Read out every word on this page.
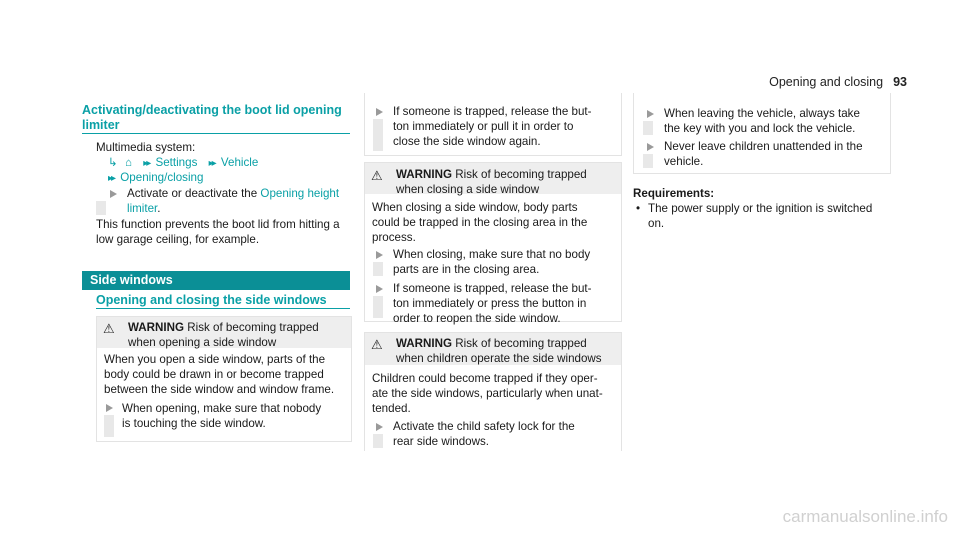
Opening and closing 93
Activating/deactivating the boot lid opening
limiter
Multimedia system:
↳ ⌂ ▸▸ Settings ▸▸ Vehicle
▸▸ Opening/closing
Activate or deactivate the Opening height
limiter.
This function prevents the boot lid from hitting a
low garage ceiling, for example.
Side windows
Opening and closing the side windows
⚠ WARNING Risk of becoming trapped
when opening a side window
When you open a side window, parts of the
body could be drawn in or become trapped
between the side window and window frame.
When opening, make sure that nobody
is touching the side window.
If someone is trapped, release the but-
ton immediately or pull it in order to
close the side window again.
⚠ WARNING Risk of becoming trapped
when closing a side window
When closing a side window, body parts
could be trapped in the closing area in the
process.
When closing, make sure that no body
parts are in the closing area.
If someone is trapped, release the but-
ton immediately or press the button in
order to reopen the side window.
⚠ WARNING Risk of becoming trapped
when children operate the side windows
Children could become trapped if they oper-
ate the side windows, particularly when unat-
tended.
Activate the child safety lock for the
rear side windows.
When leaving the vehicle, always take
the key with you and lock the vehicle.
Never leave children unattended in the
vehicle.
Requirements:
• The power supply or the ignition is switched
on.
carmanualsonline.info
